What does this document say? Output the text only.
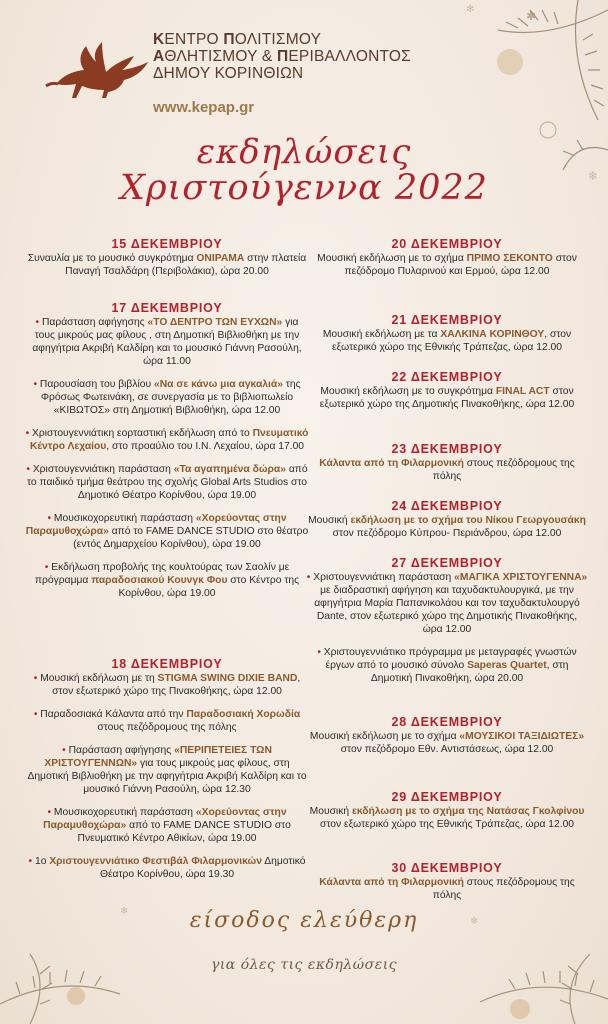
✱
✻
❄
❄
❄
ΚΕΝΤΡΟ ΠΟΛΙΤΙΣΜΟΥ
ΑΘΛΗΤΙΣΜΟΥ & ΠΕΡΙΒΑΛΛΟΝΤΟΣ
ΔΗΜΟΥ ΚΟΡΙΝΘΙΩΝ
www.kepap.gr
εκδηλώσεις
Χριστούγεννα 2022
15 ΔΕΚΕΜΒΡΙΟΥ
Συναυλία με το μουσικό συγκρότημα ΟΝΙΡΑΜΑ στην πλατεία Παναγή Τσαλδάρη (Περιβολάκια), ώρα 20.00
17 ΔΕΚΕΜΒΡΙΟΥ
• Παράσταση αφήγησης «ΤΟ ΔΕΝΤΡΟ ΤΩΝ ΕΥΧΩΝ» για τους μικρούς μας φίλους , στη Δημοτική Βιβλιοθήκη με την αφηγήτρια Ακριβή Καλδίρη και το μουσικό Γιάννη Ρασούλη, ώρα 11.00
• Παρουσίαση του βιβλίου «Να σε κάνω μια αγκαλιά» της Φρόσως Φωτεινάκη, σε συνεργασία με το βιβλιοπωλείο «ΚΙΒΩΤΟΣ» στη Δημοτική Βιβλιοθήκη, ώρα 12.00
• Χριστουγεννιάτικη εορταστική εκδήλωση από το Πνευματικό Κέντρο Λεχαίου, στο προαύλιο του Ι.Ν. Λεχαίου, ώρα 17.00
• Χριστουγεννιάτικη παράσταση «Τα αγαπημένα δώρα» από το παιδικό τμήμα θεάτρου της σχολής Global Arts Studios στο Δημοτικό Θέατρο Κορίνθου, ώρα 19.00
• Μουσικοχορευτική παράσταση «Χορεύοντας στην Παραμυθοχώρα» από το FAME DANCE STUDIO στο θέατρο (εντός Δημαρχείου Κορίνθου), ώρα 19.00
• Εκδήλωση προβολής της κουλτούρας των Σαολίν με πρόγραμμα παραδοσιακού Κουνγκ Φου στο Κέντρο της Κορίνθου, ώρα 19.00
18 ΔΕΚΕΜΒΡΙΟΥ
• Μουσική εκδήλωση με τη STIGMA SWING DIXIE BAND, στον εξωτερικό χώρο της Πινακοθήκης, ώρα 12.00
• Παραδοσιακά Κάλαντα από την Παραδοσιακή Χορωδία στους πεζόδρομους της πόλης
• Παράσταση αφήγησης «ΠΕΡΙΠΕΤΕΙΕΣ ΤΩΝ ΧΡΙΣΤΟΥΓΕΝΝΩΝ» για τους μικρούς μας φίλους, στη Δημοτική Βιβλιοθήκη με την αφηγήτρια Ακριβή Καλδίρη και το μουσικό Γιάννη Ρασούλη, ώρα 12.30
• Μουσικοχορευτική παράσταση «Χορεύοντας στην Παραμυθοχώρα» από το FAME DANCE STUDIO στο Πνευματικό Κέντρο Αθικίων, ώρα 19.00
• 1ο Χριστουγεννιάτικο Φεστιβάλ Φιλαρμονικών Δημοτικό Θέατρο Κορίνθου, ώρα 19.30
20 ΔΕΚΕΜΒΡΙΟΥ
Μουσική εκδήλωση με το σχήμα ΠΡΙΜΟ ΣΕΚΟΝΤΟ στον πεζόδρομο Πυλαρινού και Ερμού, ώρα 12.00
21 ΔΕΚΕΜΒΡΙΟΥ
Μουσική εκδήλωση με τα ΧΑΛΚΙΝΑ ΚΟΡΙΝΘΟΥ, στον εξωτερικό χώρο της Εθνικής Τράπεζας, ώρα 12.00
22 ΔΕΚΕΜΒΡΙΟΥ
Μουσική εκδήλωση με το συγκρότημα FINAL ACT στον εξωτερικό χώρο της Δημοτικής Πινακοθήκης, ώρα 12.00
23 ΔΕΚΕΜΒΡΙΟΥ
Κάλαντα από τη Φιλαρμονική στους πεζόδρομους της πόλης
24 ΔΕΚΕΜΒΡΙΟΥ
Μουσική εκδήλωση με το σχήμα του Νίκου Γεωργουσάκη στον πεζόδρομο Κύπρου- Περιάνδρου, ώρα 12.00
27 ΔΕΚΕΜΒΡΙΟΥ
• Χριστουγεννιάτικη παράσταση «ΜΑΓΙΚΑ ΧΡΙΣΤΟΥΓΕΝΝΑ» με διαδραστική αφήγηση και ταχυδακτυλουργικά, με την αφηγήτρια Μαρία Παπανικολάου και τον ταχυδακτυλουργό Dante, στον εξωτερικό χώρο της Δημοτικής Πινακοθήκης, ώρα 12.00
• Χριστουγεννιάτικο πρόγραμμα με μεταγραφές γνωστών έργων από το μουσικό σύνολο Saperas Quartet, στη Δημοτική Πινακοθήκη, ώρα 20.00
28 ΔΕΚΕΜΒΡΙΟΥ
Μουσική εκδήλωση με το σχήμα «ΜΟΥΣΙΚΟΙ ΤΑΞΙΔΙΩΤΕΣ» στον πεζόδρομο Εθν. Αντιστάσεως, ώρα 12.00
29 ΔΕΚΕΜΒΡΙΟΥ
Μουσική εκδήλωση με το σχήμα της Νατάσας Γκολφίνου στον εξωτερικό χώρο της Εθνικής Τράπεζας, ώρα 12.00
30 ΔΕΚΕΜΒΡΙΟΥ
Κάλαντα από τη Φιλαρμονική στους πεζόδρομους της πόλης
είσοδος ελεύθερη
για όλες τις εκδηλώσεις
